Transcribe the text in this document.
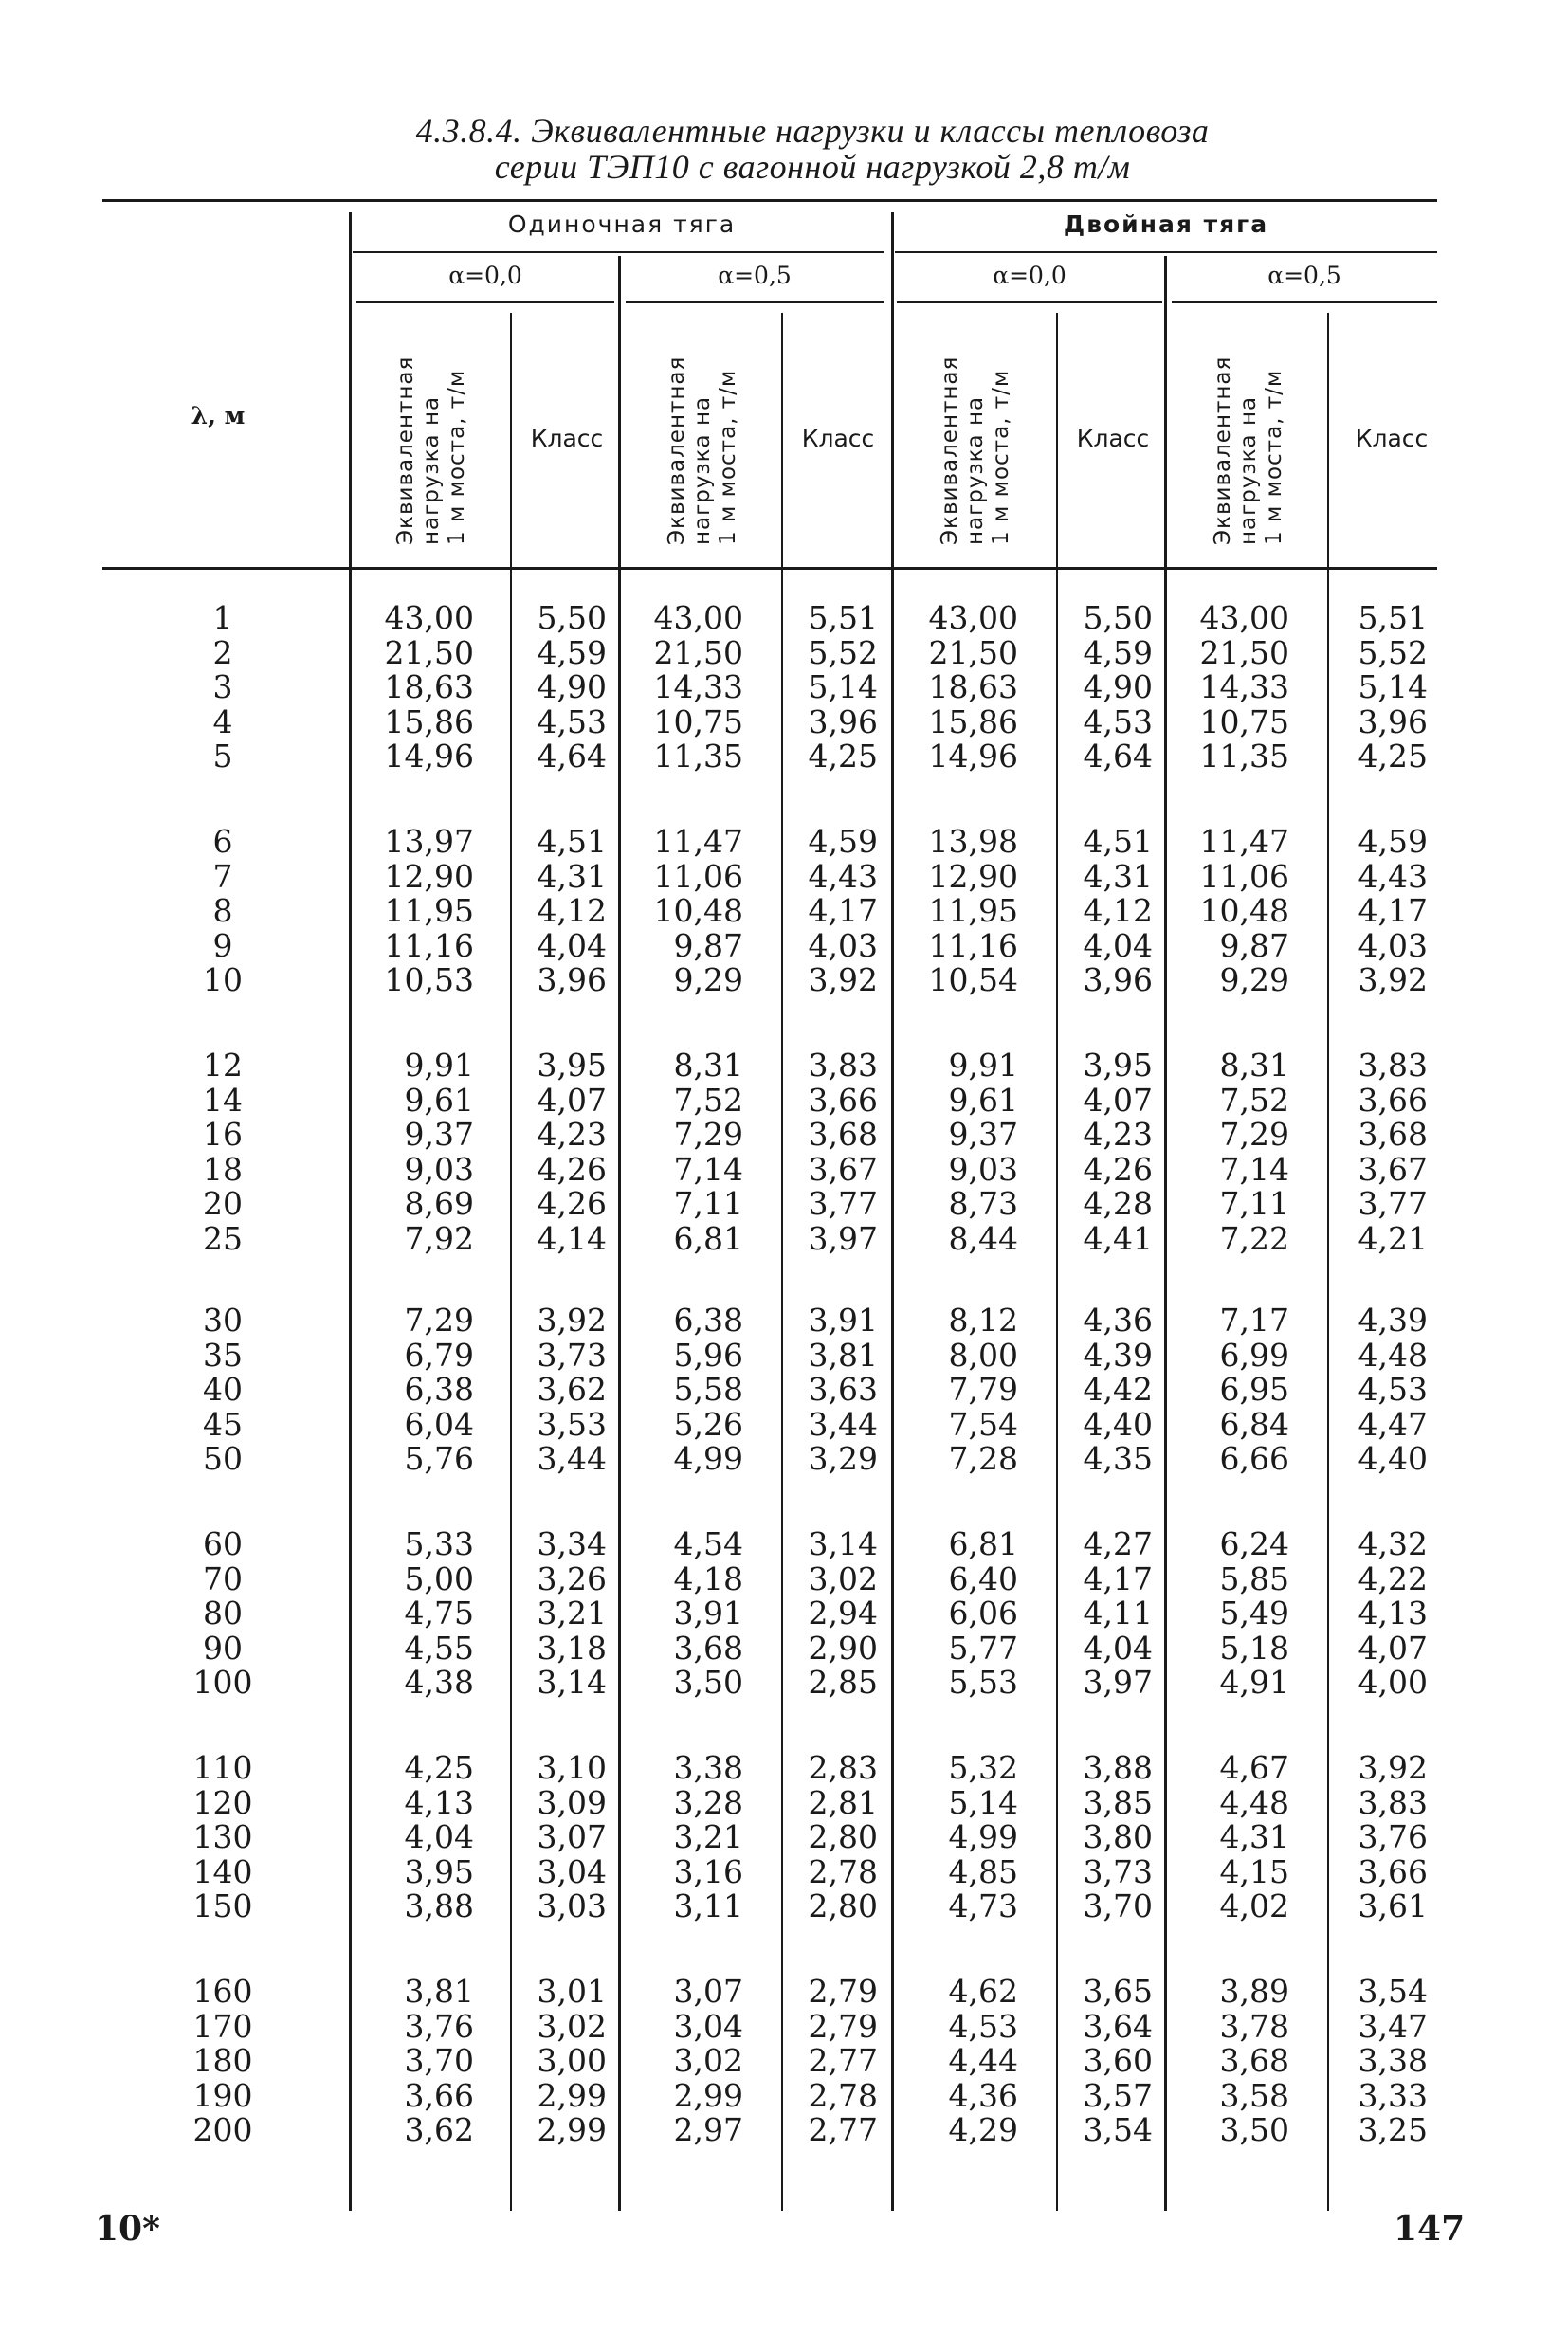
4.3.8.4. Эквивалентные нагрузки и классы тепловоза
серии ТЭП10 с вагонной нагрузкой 2,8 т/м
λ, м
Одиночная тяга	Двойная тяга
α=0,0	α=0,5	α=0,0	α=0,5
Эквивалентная нагрузка на 1 м моста, т/м	Эквивалентная нагрузка на 1 м моста, т/м	Эквивалентная нагрузка на 1 м моста, т/м	Эквивалентная нагрузка на 1 м моста, т/м
Класс	Класс	Класс	Класс
1	43,00	5,50	43,00	5,51	43,00	5,50	43,00	5,51
2	21,50	4,59	21,50	5,52	21,50	4,59	21,50	5,52
3	18,63	4,90	14,33	5,14	18,63	4,90	14,33	5,14
4	15,86	4,53	10,75	3,96	15,86	4,53	10,75	3,96
5	14,96	4,64	11,35	4,25	14,96	4,64	11,35	4,25
6	13,97	4,51	11,47	4,59	13,98	4,51	11,47	4,59
7	12,90	4,31	11,06	4,43	12,90	4,31	11,06	4,43
8	11,95	4,12	10,48	4,17	11,95	4,12	10,48	4,17
9	11,16	4,04	9,87	4,03	11,16	4,04	9,87	4,03
10	10,53	3,96	9,29	3,92	10,54	3,96	9,29	3,92
12	9,91	3,95	8,31	3,83	9,91	3,95	8,31	3,83
14	9,61	4,07	7,52	3,66	9,61	4,07	7,52	3,66
16	9,37	4,23	7,29	3,68	9,37	4,23	7,29	3,68
18	9,03	4,26	7,14	3,67	9,03	4,26	7,14	3,67
20	8,69	4,26	7,11	3,77	8,73	4,28	7,11	3,77
25	7,92	4,14	6,81	3,97	8,44	4,41	7,22	4,21
30	7,29	3,92	6,38	3,91	8,12	4,36	7,17	4,39
35	6,79	3,73	5,96	3,81	8,00	4,39	6,99	4,48
40	6,38	3,62	5,58	3,63	7,79	4,42	6,95	4,53
45	6,04	3,53	5,26	3,44	7,54	4,40	6,84	4,47
50	5,76	3,44	4,99	3,29	7,28	4,35	6,66	4,40
60	5,33	3,34	4,54	3,14	6,81	4,27	6,24	4,32
70	5,00	3,26	4,18	3,02	6,40	4,17	5,85	4,22
80	4,75	3,21	3,91	2,94	6,06	4,11	5,49	4,13
90	4,55	3,18	3,68	2,90	5,77	4,04	5,18	4,07
100	4,38	3,14	3,50	2,85	5,53	3,97	4,91	4,00
110	4,25	3,10	3,38	2,83	5,32	3,88	4,67	3,92
120	4,13	3,09	3,28	2,81	5,14	3,85	4,48	3,83
130	4,04	3,07	3,21	2,80	4,99	3,80	4,31	3,76
140	3,95	3,04	3,16	2,78	4,85	3,73	4,15	3,66
150	3,88	3,03	3,11	2,80	4,73	3,70	4,02	3,61
160	3,81	3,01	3,07	2,79	4,62	3,65	3,89	3,54
170	3,76	3,02	3,04	2,79	4,53	3,64	3,78	3,47
180	3,70	3,00	3,02	2,77	4,44	3,60	3,68	3,38
190	3,66	2,99	2,99	2,78	4,36	3,57	3,58	3,33
200	3,62	2,99	2,97	2,77	4,29	3,54	3,50	3,25
10*	147
